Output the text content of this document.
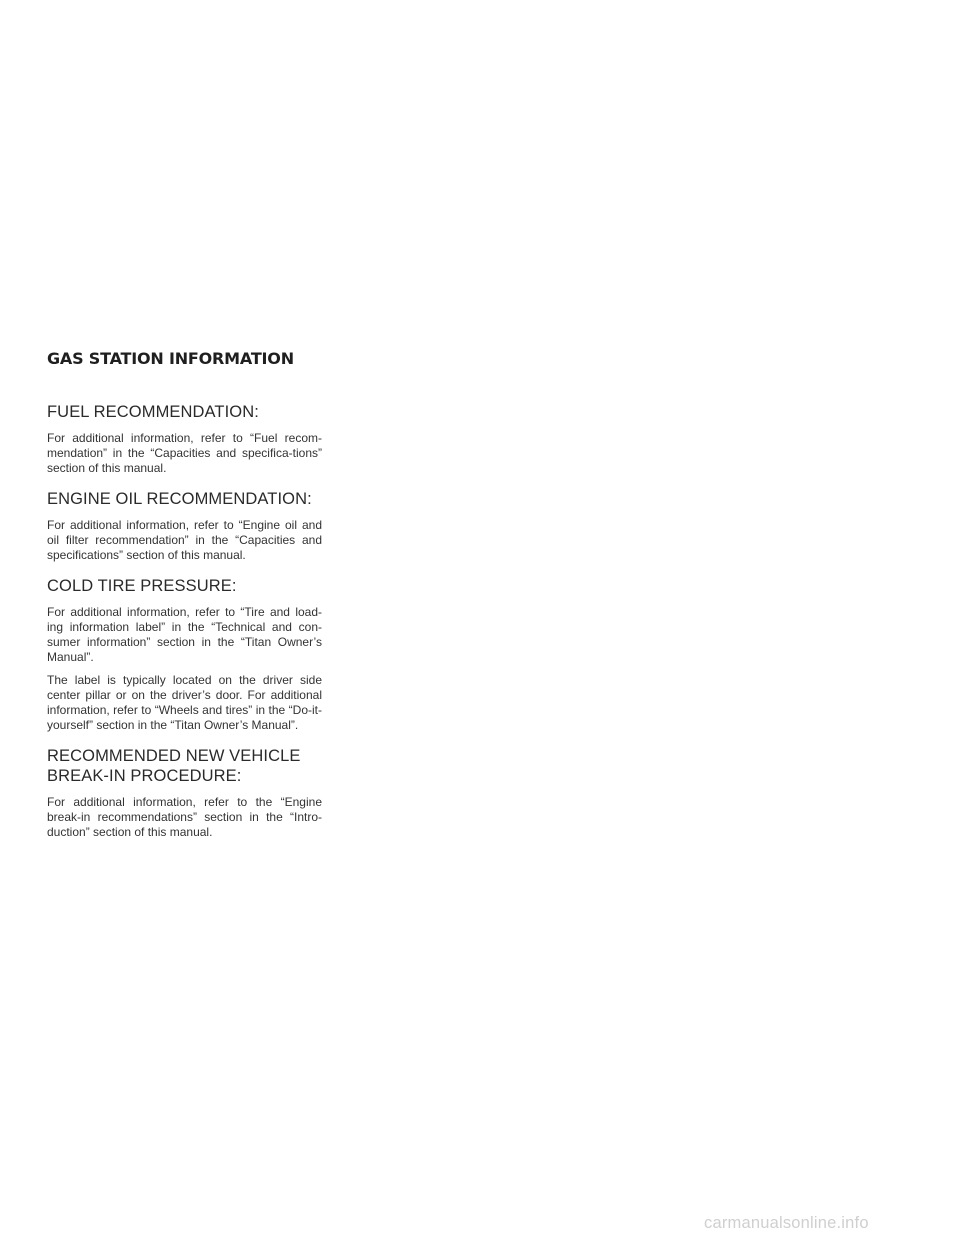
GAS STATION INFORMATION
FUEL RECOMMENDATION:

For additional information, refer to “Fuel recom-mendation” in the “Capacities and specifica-tions” section of this manual.

ENGINE OIL RECOMMENDATION:

For additional information, refer to “Engine oil and oil filter recommendation” in the “Capacities and specifications” section of this manual.

COLD TIRE PRESSURE:

For additional information, refer to “Tire and load-ing information label” in the “Technical and con-sumer information” section in the “Titan Owner’s Manual”.

The label is typically located on the driver side center pillar or on the driver’s door. For additional information, refer to “Wheels and tires” in the “Do-it-yourself” section in the “Titan Owner’s Manual”.

RECOMMENDED NEW VEHICLE BREAK-IN PROCEDURE:

For additional information, refer to the “Engine break-in recommendations” section in the “Intro-duction” section of this manual.

carmanualsonline.info
